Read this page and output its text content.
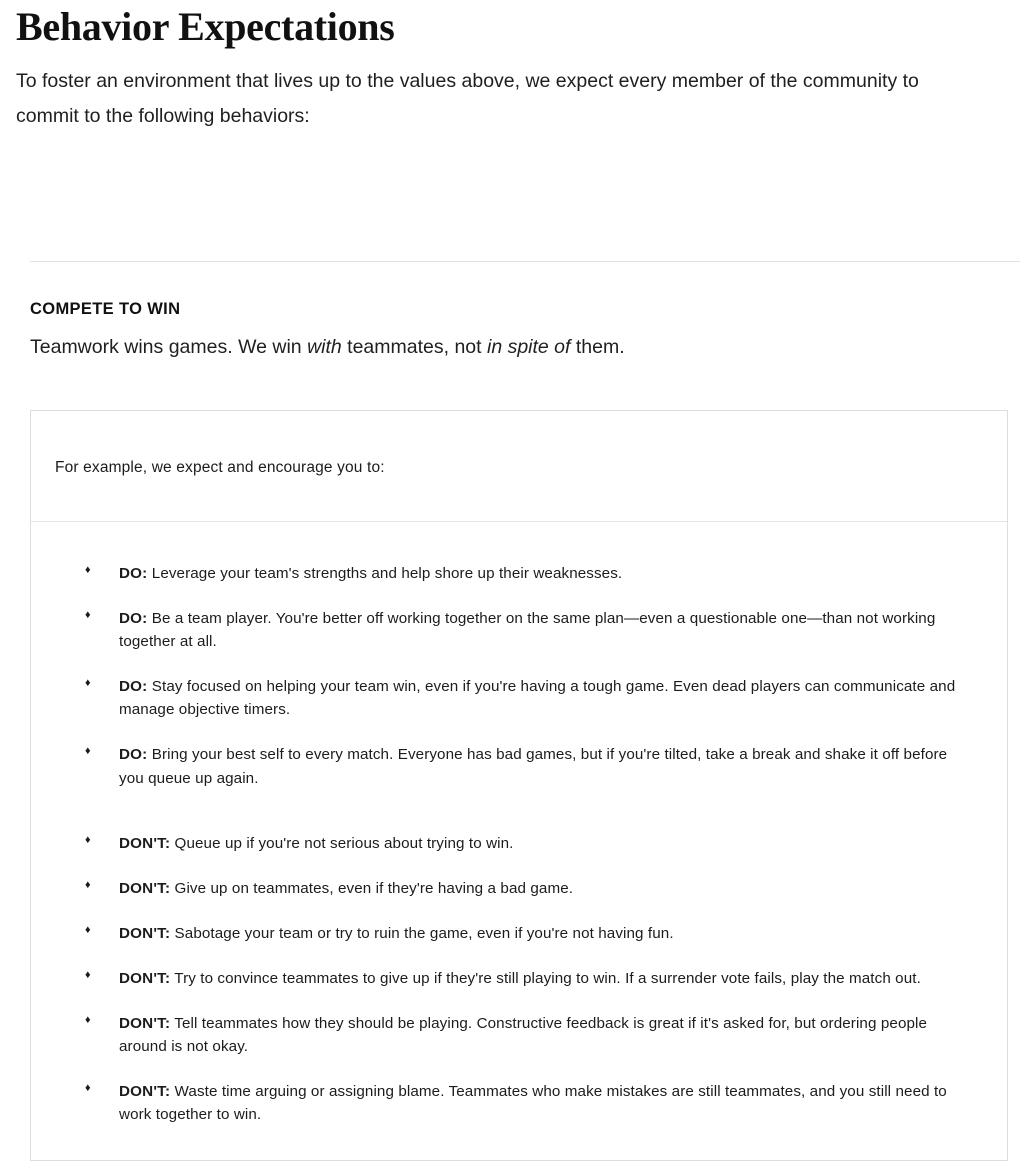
Behavior Expectations

To foster an environment that lives up to the values above, we expect every member of the community to commit to the following behaviors:

COMPETE TO WIN

Teamwork wins games. We win with teammates, not in spite of them.

For example, we expect and encourage you to:

♦ DO: Leverage your team's strengths and help shore up their weaknesses.
♦ DO: Be a team player. You're better off working together on the same plan—even a questionable one—than not working together at all.
♦ DO: Stay focused on helping your team win, even if you're having a tough game. Even dead players can communicate and manage objective timers.
♦ DO: Bring your best self to every match. Everyone has bad games, but if you're tilted, take a break and shake it off before you queue up again.
♦ DON'T: Queue up if you're not serious about trying to win.
♦ DON'T: Give up on teammates, even if they're having a bad game.
♦ DON'T: Sabotage your team or try to ruin the game, even if you're not having fun.
♦ DON'T: Try to convince teammates to give up if they're still playing to win. If a surrender vote fails, play the match out.
♦ DON'T: Tell teammates how they should be playing. Constructive feedback is great if it's asked for, but ordering people around is not okay.
♦ DON'T: Waste time arguing or assigning blame. Teammates who make mistakes are still teammates, and you still need to work together to win.
